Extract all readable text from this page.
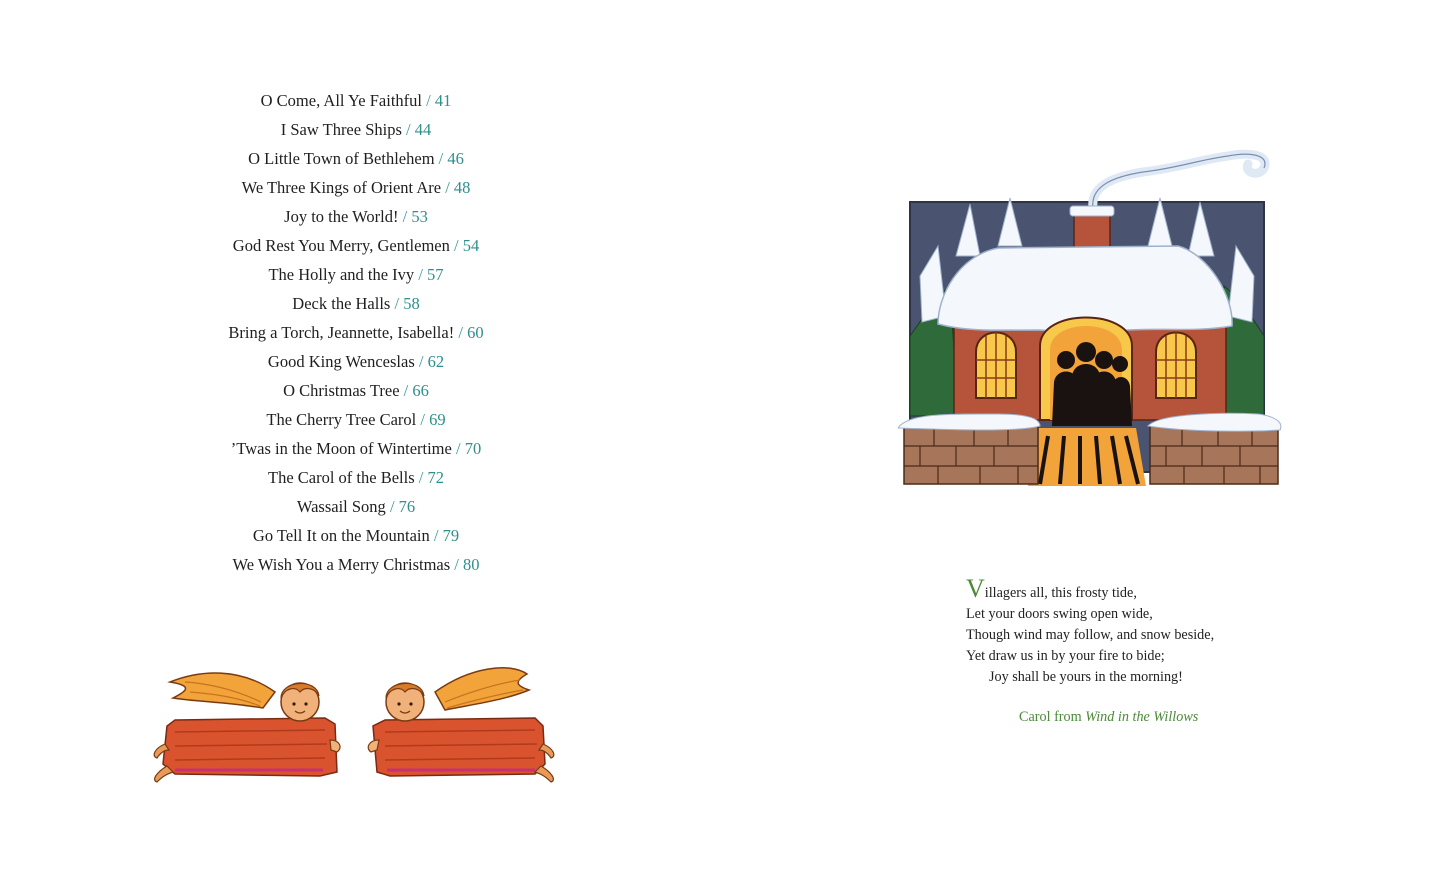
O Come, All Ye Faithful / 41
I Saw Three Ships / 44
O Little Town of Bethlehem / 46
We Three Kings of Orient Are / 48
Joy to the World! / 53
God Rest You Merry, Gentlemen / 54
The Holly and the Ivy / 57
Deck the Halls / 58
Bring a Torch, Jeannette, Isabella! / 60
Good King Wenceslas / 62
O Christmas Tree / 66
The Cherry Tree Carol / 69
’Twas in the Moon of Wintertime / 70
The Carol of the Bells / 72
Wassail Song / 76
Go Tell It on the Mountain / 79
We Wish You a Merry Christmas / 80
Villagers all, this frosty tide,
Let your doors swing open wide,
Though wind may follow, and snow beside,
Yet draw us in by your fire to bide;
Joy shall be yours in the morning!
Carol from Wind in the Willows
